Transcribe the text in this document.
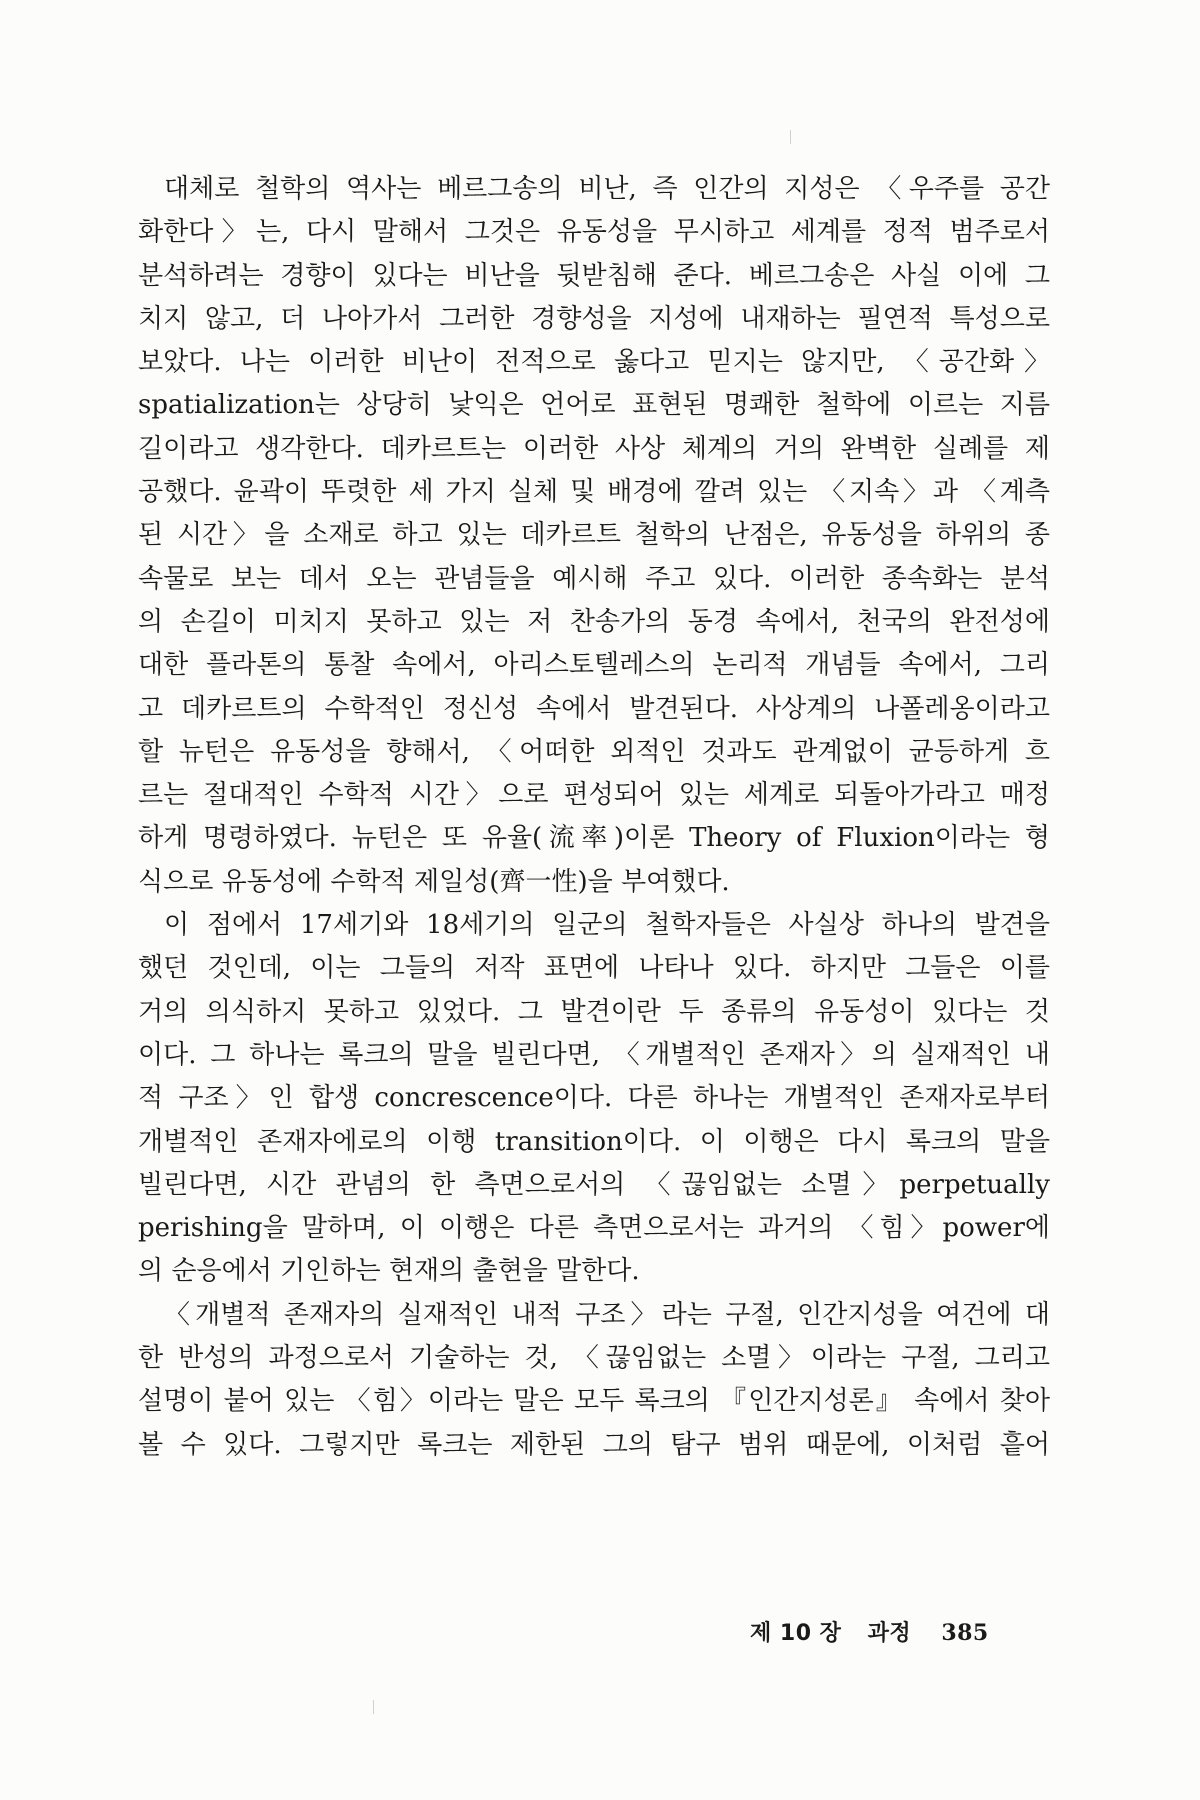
대체로 철학의 역사는 베르그송의 비난, 즉 인간의 지성은 〈우주를 공간
화한다〉는, 다시 말해서 그것은 유동성을 무시하고 세계를 정적 범주로서
분석하려는 경향이 있다는 비난을 뒷받침해 준다. 베르그송은 사실 이에 그
치지 않고, 더 나아가서 그러한 경향성을 지성에 내재하는 필연적 특성으로
보았다. 나는 이러한 비난이 전적으로 옳다고 믿지는 않지만, 〈공간화〉
spatialization는 상당히 낯익은 언어로 표현된 명쾌한 철학에 이르는 지름
길이라고 생각한다. 데카르트는 이러한 사상 체계의 거의 완벽한 실례를 제
공했다. 윤곽이 뚜렷한 세 가지 실체 및 배경에 깔려 있는 〈지속〉과 〈계측
된 시간〉을 소재로 하고 있는 데카르트 철학의 난점은, 유동성을 하위의 종
속물로 보는 데서 오는 관념들을 예시해 주고 있다. 이러한 종속화는 분석
의 손길이 미치지 못하고 있는 저 찬송가의 동경 속에서, 천국의 완전성에
대한 플라톤의 통찰 속에서, 아리스토텔레스의 논리적 개념들 속에서, 그리
고 데카르트의 수학적인 정신성 속에서 발견된다. 사상계의 나폴레옹이라고
할 뉴턴은 유동성을 향해서, 〈어떠한 외적인 것과도 관계없이 균등하게 흐
르는 절대적인 수학적 시간〉으로 편성되어 있는 세계로 되돌아가라고 매정
하게 명령하였다. 뉴턴은 또 유율(流率)이론 Theory of Fluxion이라는 형
식으로 유동성에 수학적 제일성(齊一性)을 부여했다.
이 점에서 17세기와 18세기의 일군의 철학자들은 사실상 하나의 발견을
했던 것인데, 이는 그들의 저작 표면에 나타나 있다. 하지만 그들은 이를
거의 의식하지 못하고 있었다. 그 발견이란 두 종류의 유동성이 있다는 것
이다. 그 하나는 록크의 말을 빌린다면, 〈개별적인 존재자〉의 실재적인 내
적 구조〉인 합생 concrescence이다. 다른 하나는 개별적인 존재자로부터
개별적인 존재자에로의 이행 transition이다. 이 이행은 다시 록크의 말을
빌린다면, 시간 관념의 한 측면으로서의 〈끊임없는 소멸〉perpetually
perishing을 말하며, 이 이행은 다른 측면으로서는 과거의 〈힘〉power에
의 순응에서 기인하는 현재의 출현을 말한다.
〈개별적 존재자의 실재적인 내적 구조〉라는 구절, 인간지성을 여건에 대
한 반성의 과정으로서 기술하는 것, 〈끊임없는 소멸〉이라는 구절, 그리고
설명이 붙어 있는 〈힘〉이라는 말은 모두 록크의 『인간지성론』 속에서 찾아
볼 수 있다. 그렇지만 록크는 제한된 그의 탐구 범위 때문에, 이처럼 흩어
제 10 장 과정 385
